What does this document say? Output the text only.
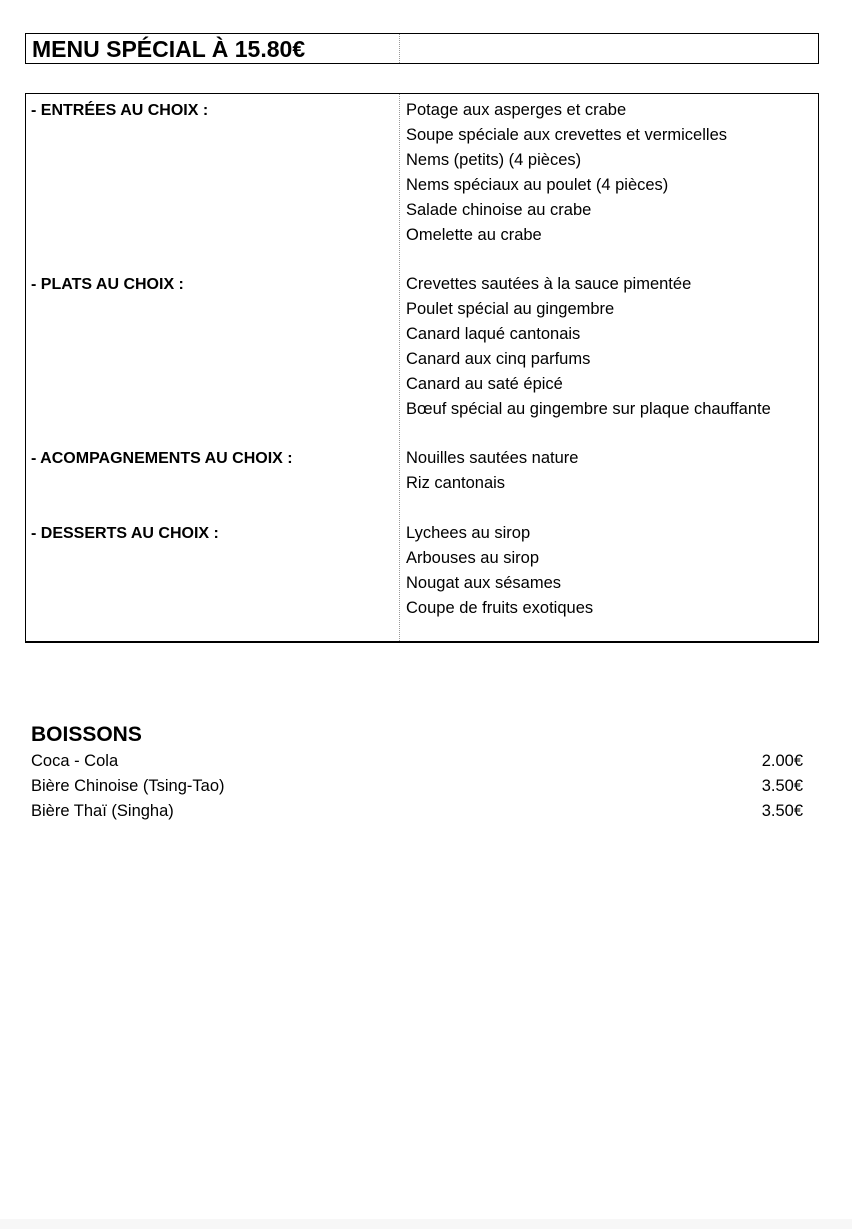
MENU SPÉCIAL À 15.80€
- ENTRÉES AU CHOIX :	Potage aux asperges et crabe
Soupe spéciale aux crevettes et vermicelles
Nems (petits) (4 pièces)
Nems spéciaux au poulet (4 pièces)
Salade chinoise au crabe
Omelette au crabe
- PLATS AU CHOIX :	Crevettes sautées à la sauce pimentée
Poulet spécial au gingembre
Canard laqué cantonais
Canard aux cinq parfums
Canard au saté épicé
Bœuf spécial au gingembre sur plaque chauffante
- ACOMPAGNEMENTS AU CHOIX :	Nouilles sautées nature
Riz cantonais
- DESSERTS AU CHOIX :	Lychees au sirop
Arbouses au sirop
Nougat aux sésames
Coupe de fruits exotiques
BOISSONS
Coca - Cola	2.00€
Bière Chinoise (Tsing-Tao)	3.50€
Bière Thaï (Singha)	3.50€
